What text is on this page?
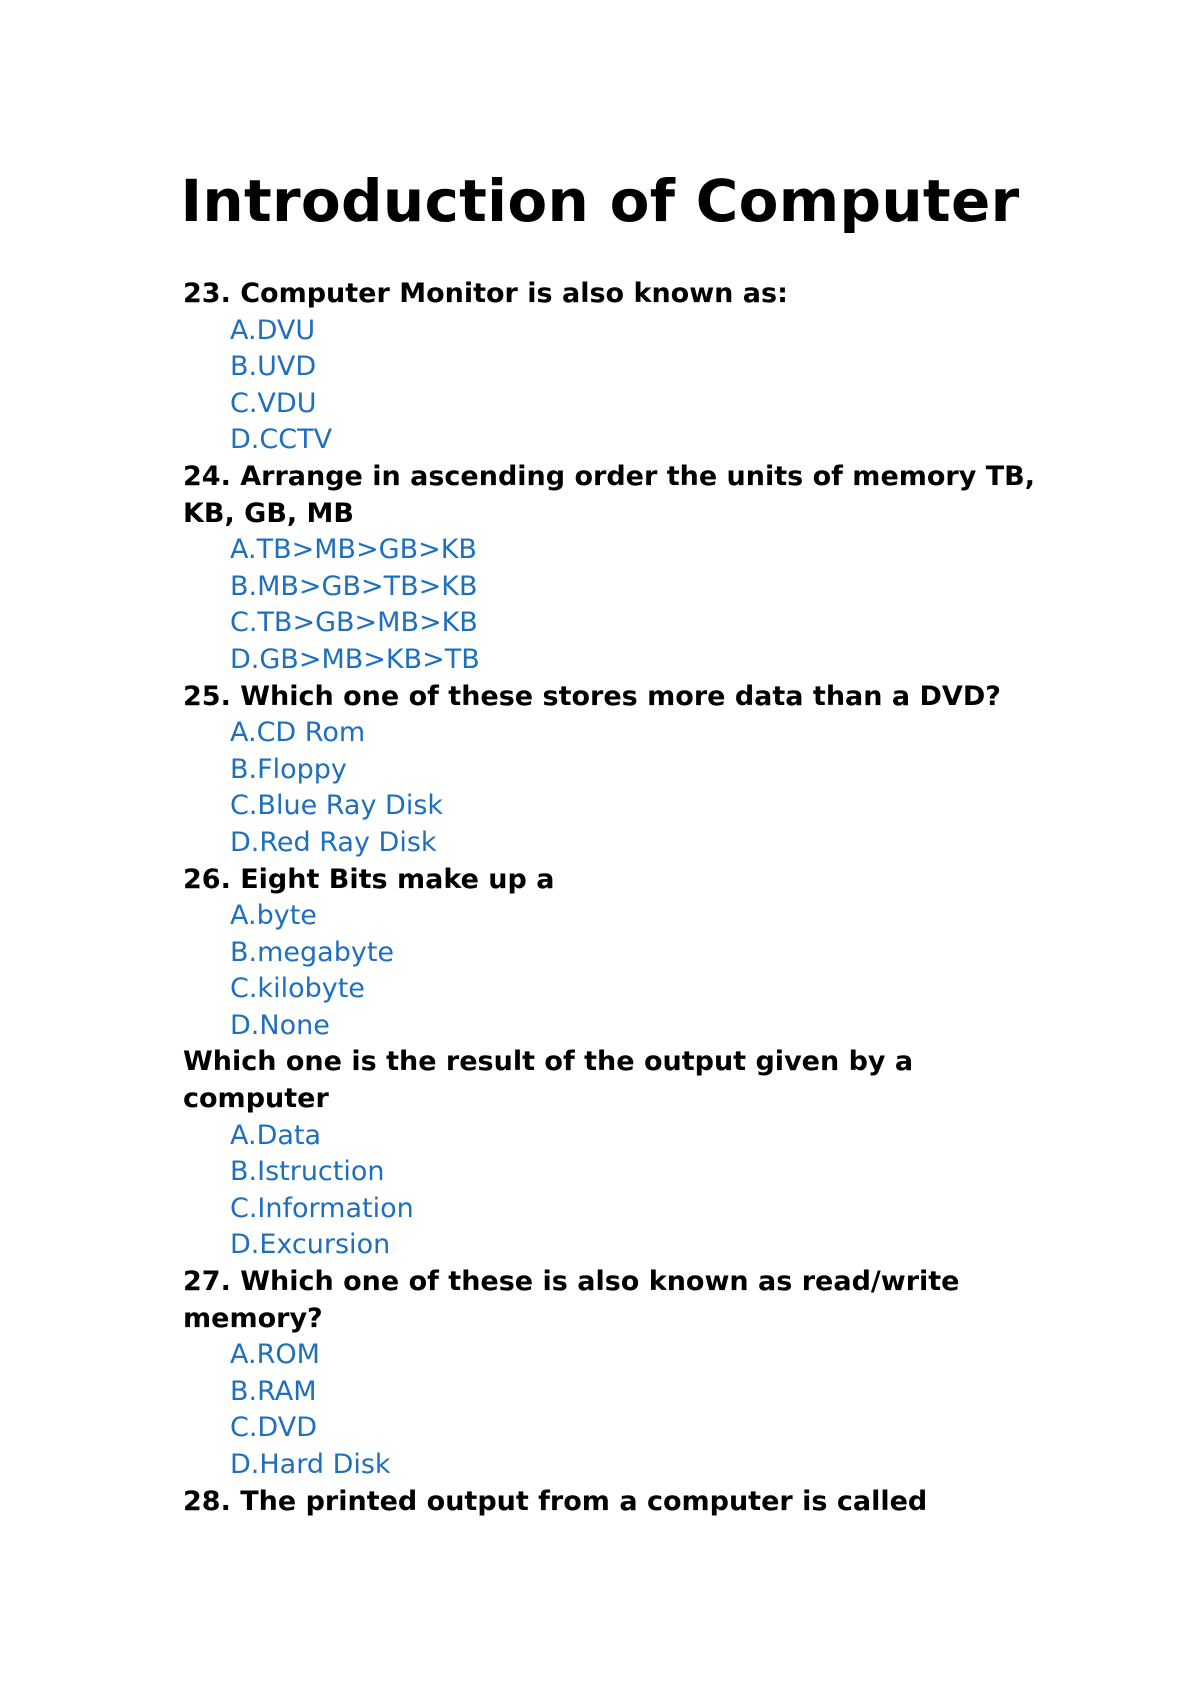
Introduction of Computer

23. Computer Monitor is also known as:

A.DVU
B.UVD
C.VDU
D.CCTV

24. Arrange in ascending order the units of memory TB, KB, GB, MB

A.TB>MB>GB>KB
B.MB>GB>TB>KB
C.TB>GB>MB>KB
D.GB>MB>KB>TB

25. Which one of these stores more data than a DVD?

A.CD Rom
B.Floppy
C.Blue Ray Disk
D.Red Ray Disk

26. Eight Bits make up a

A.byte
B.megabyte
C.kilobyte
D.None

Which one is the result of the output given by a computer

A.Data
B.Istruction
C.Information
D.Excursion

27. Which one of these is also known as read/write memory?

A.ROM
B.RAM
C.DVD
D.Hard Disk

28. The printed output from a computer is called
